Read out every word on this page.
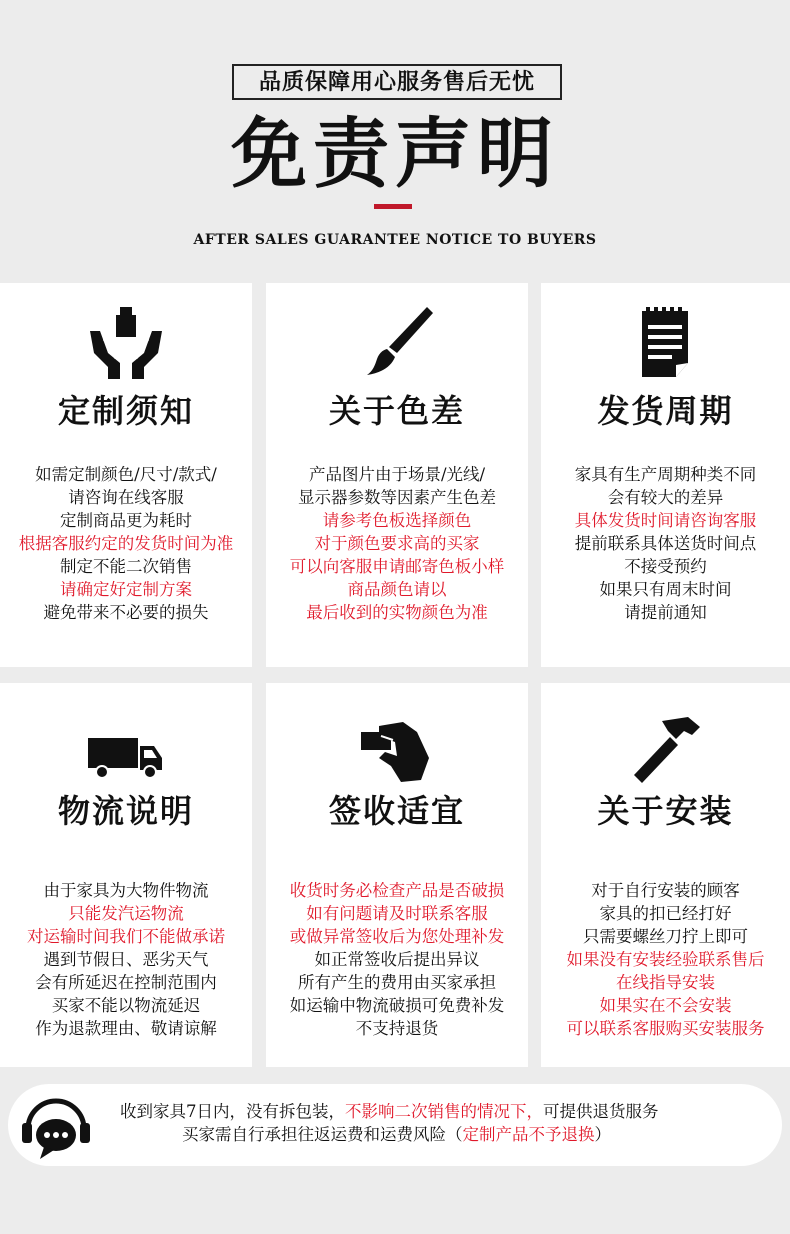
品质保障用心服务售后无忧
免责声明
AFTER SALES GUARANTEE NOTICE TO BUYERS
定制须知
如需定制颜色/尺寸/款式/
请咨询在线客服
定制商品更为耗时
根据客服约定的发货时间为准
制定不能二次销售
请确定好定制方案
避免带来不必要的损失
关于色差
产品图片由于场景/光线/
显示器参数等因素产生色差
请参考色板选择颜色
对于颜色要求高的买家
可以向客服申请邮寄色板小样
商品颜色请以
最后收到的实物颜色为准
发货周期
家具有生产周期种类不同
会有较大的差异
具体发货时间请咨询客服
提前联系具体送货时间点
不接受预约
如果只有周末时间
请提前通知
物流说明
由于家具为大物件物流
只能发汽运物流
对运输时间我们不能做承诺
遇到节假日、恶劣天气
会有所延迟在控制范围内
买家不能以物流延迟
作为退款理由、敬请谅解
签收适宜
收货时务必检查产品是否破损
如有问题请及时联系客服
或做异常签收后为您处理补发
如正常签收后提出异议
所有产生的费用由买家承担
如运输中物流破损可免费补发
不支持退货
关于安装
对于自行安装的顾客
家具的扣已经打好
只需要螺丝刀拧上即可
如果没有安装经验联系售后
在线指导安装
如果实在不会安装
可以联系客服购买安装服务
收到家具7日内，没有拆包装，不影响二次销售的情况下，可提供退货服务
买家需自行承担往返运费和运费风险（定制产品不予退换）
